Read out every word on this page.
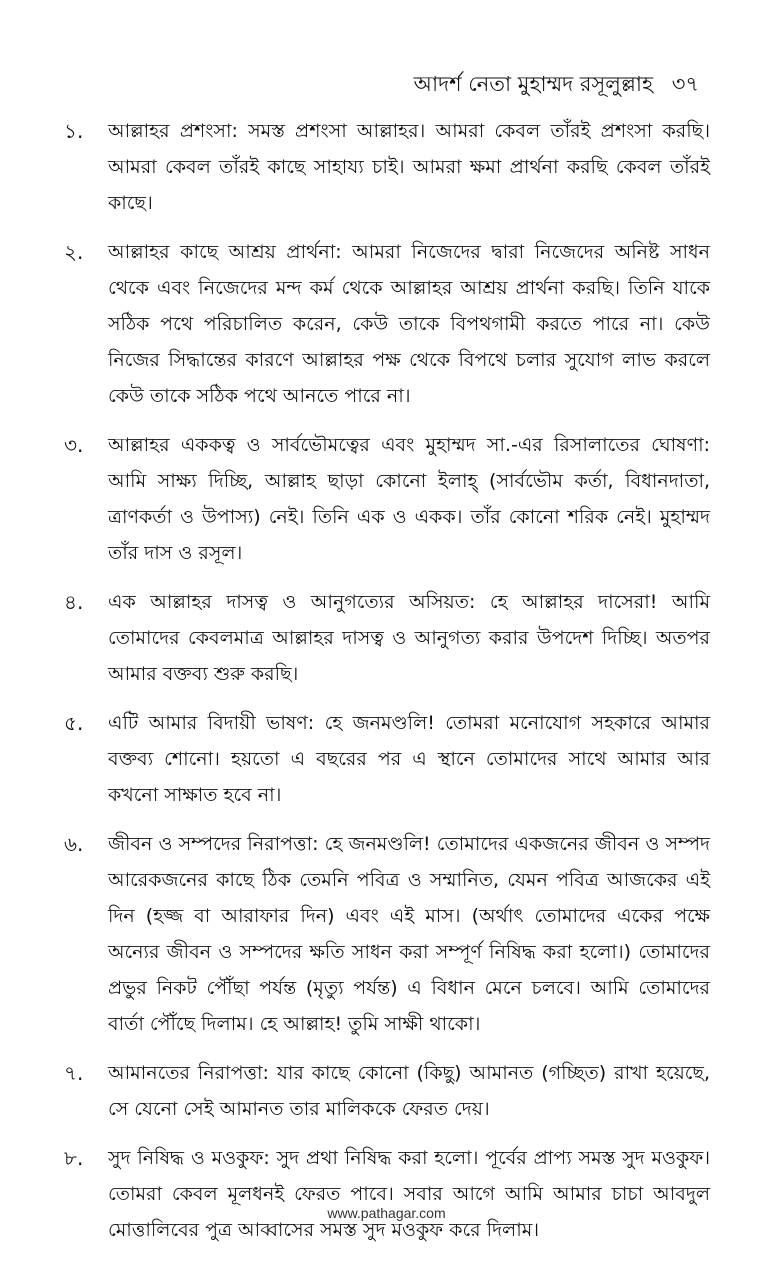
আদর্শ নেতা মুহাম্মদ রসূলুল্লাহ ৩৭
১.	আল্লাহর প্রশংসা: সমস্ত প্রশংসা আল্লাহর। আমরা কেবল তাঁরই প্রশংসা করছি। আমরা কেবল তাঁরই কাছে সাহায্য চাই। আমরা ক্ষমা প্রার্থনা করছি কেবল তাঁরই কাছে।
২.	আল্লাহর কাছে আশ্রয় প্রার্থনা: আমরা নিজেদের দ্বারা নিজেদের অনিষ্ট সাধন থেকে এবং নিজেদের মন্দ কর্ম থেকে আল্লাহর আশ্রয় প্রার্থনা করছি। তিনি যাকে সঠিক পথে পরিচালিত করেন, কেউ তাকে বিপথগামী করতে পারে না। কেউ নিজের সিদ্ধান্তের কারণে আল্লাহর পক্ষ থেকে বিপথে চলার সুযোগ লাভ করলে কেউ তাকে সঠিক পথে আনতে পারে না।
৩.	আল্লাহর এককত্ব ও সার্বভৌমত্বের এবং মুহাম্মদ সা.-এর রিসালাতের ঘোষণা: আমি সাক্ষ্য দিচ্ছি, আল্লাহ ছাড়া কোনো ইলাহ্ (সার্বভৌম কর্তা, বিধানদাতা, ত্রাণকর্তা ও উপাস্য) নেই। তিনি এক ও একক। তাঁর কোনো শরিক নেই। মুহাম্মদ তাঁর দাস ও রসূল।
৪.	এক আল্লাহর দাসত্ব ও আনুগত্যের অসিয়ত: হে আল্লাহর দাসেরা! আমি তোমাদের কেবলমাত্র আল্লাহর দাসত্ব ও আনুগত্য করার উপদেশ দিচ্ছি। অতপর আমার বক্তব্য শুরু করছি।
৫.	এটি আমার বিদায়ী ভাষণ: হে জনমণ্ডলি! তোমরা মনোযোগ সহকারে আমার বক্তব্য শোনো। হয়তো এ বছরের পর এ স্থানে তোমাদের সাথে আমার আর কখনো সাক্ষাত হবে না।
৬.	জীবন ও সম্পদের নিরাপত্তা: হে জনমণ্ডলি! তোমাদের একজনের জীবন ও সম্পদ আরেকজনের কাছে ঠিক তেমনি পবিত্র ও সম্মানিত, যেমন পবিত্র আজকের এই দিন (হজ্জ বা আরাফার দিন) এবং এই মাস। (অর্থাৎ তোমাদের একের পক্ষে অন্যের জীবন ও সম্পদের ক্ষতি সাধন করা সম্পূর্ণ নিষিদ্ধ করা হলো।) তোমাদের প্রভুর নিকট পৌঁছা পর্যন্ত (মৃত্যু পর্যন্ত) এ বিধান মেনে চলবে। আমি তোমাদের বার্তা পৌঁছে দিলাম। হে আল্লাহ! তুমি সাক্ষী থাকো।
৭.	আমানতের নিরাপত্তা: যার কাছে কোনো (কিছু) আমানত (গচ্ছিত) রাখা হয়েছে, সে যেনো সেই আমানত তার মালিককে ফেরত দেয়।
৮.	সুদ নিষিদ্ধ ও মওকুফ: সুদ প্রথা নিষিদ্ধ করা হলো। পূর্বের প্রাপ্য সমস্ত সুদ মওকুফ। তোমরা কেবল মূলধনই ফেরত পাবে। সবার আগে আমি আমার চাচা আবদুল মোত্তালিবের পুত্র আব্বাসের সমস্ত সুদ মওকুফ করে দিলাম।
www.pathagar.com
